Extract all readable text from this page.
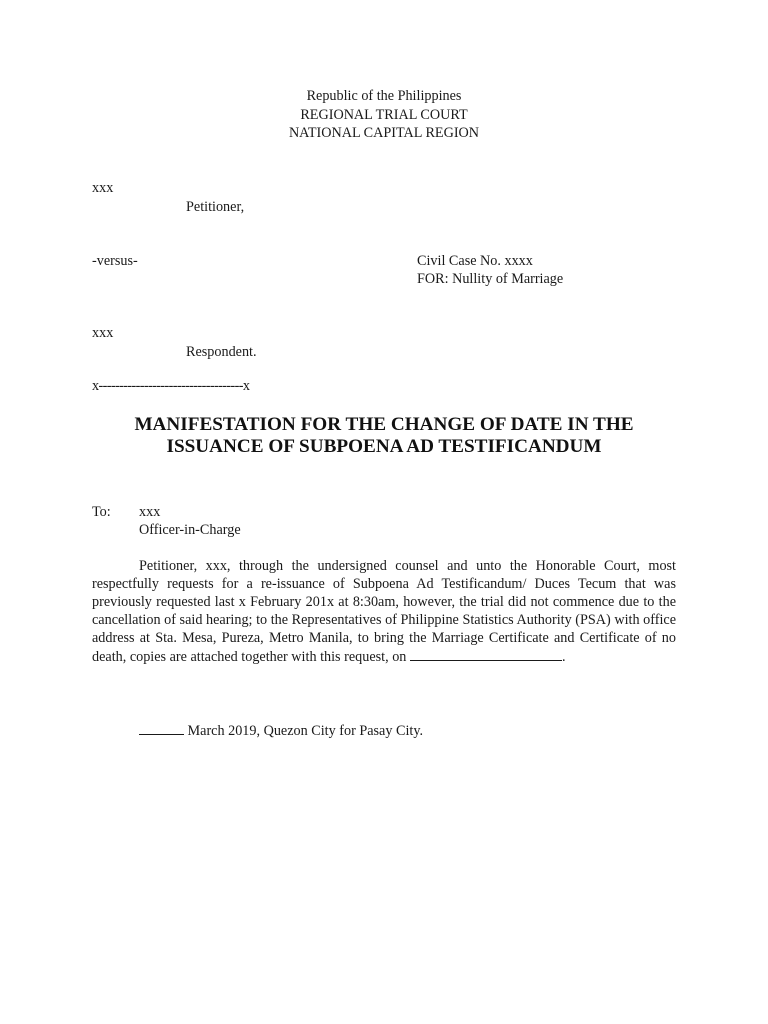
Republic of the Philippines
REGIONAL TRIAL COURT
NATIONAL CAPITAL REGION
xxx
Petitioner,
-versus-	Civil Case No. xxxx
FOR: Nullity of Marriage
xxx
Respondent.
x-----------------------------------x
MANIFESTATION FOR THE CHANGE OF DATE IN THE ISSUANCE OF SUBPOENA AD TESTIFICANDUM
To: xxx
Officer-in-Charge
Petitioner, xxx, through the undersigned counsel and unto the Honorable Court, most respectfully requests for a re-issuance of Subpoena Ad Testificandum/ Duces Tecum that was previously requested last x February 201x at 8:30am, however, the trial did not commence due to the cancellation of said hearing; to the Representatives of Philippine Statistics Authority (PSA) with office address at Sta. Mesa, Pureza, Metro Manila, to bring the Marriage Certificate and Certificate of no death, copies are attached together with this request, on	.
March 2019, Quezon City for Pasay City.
